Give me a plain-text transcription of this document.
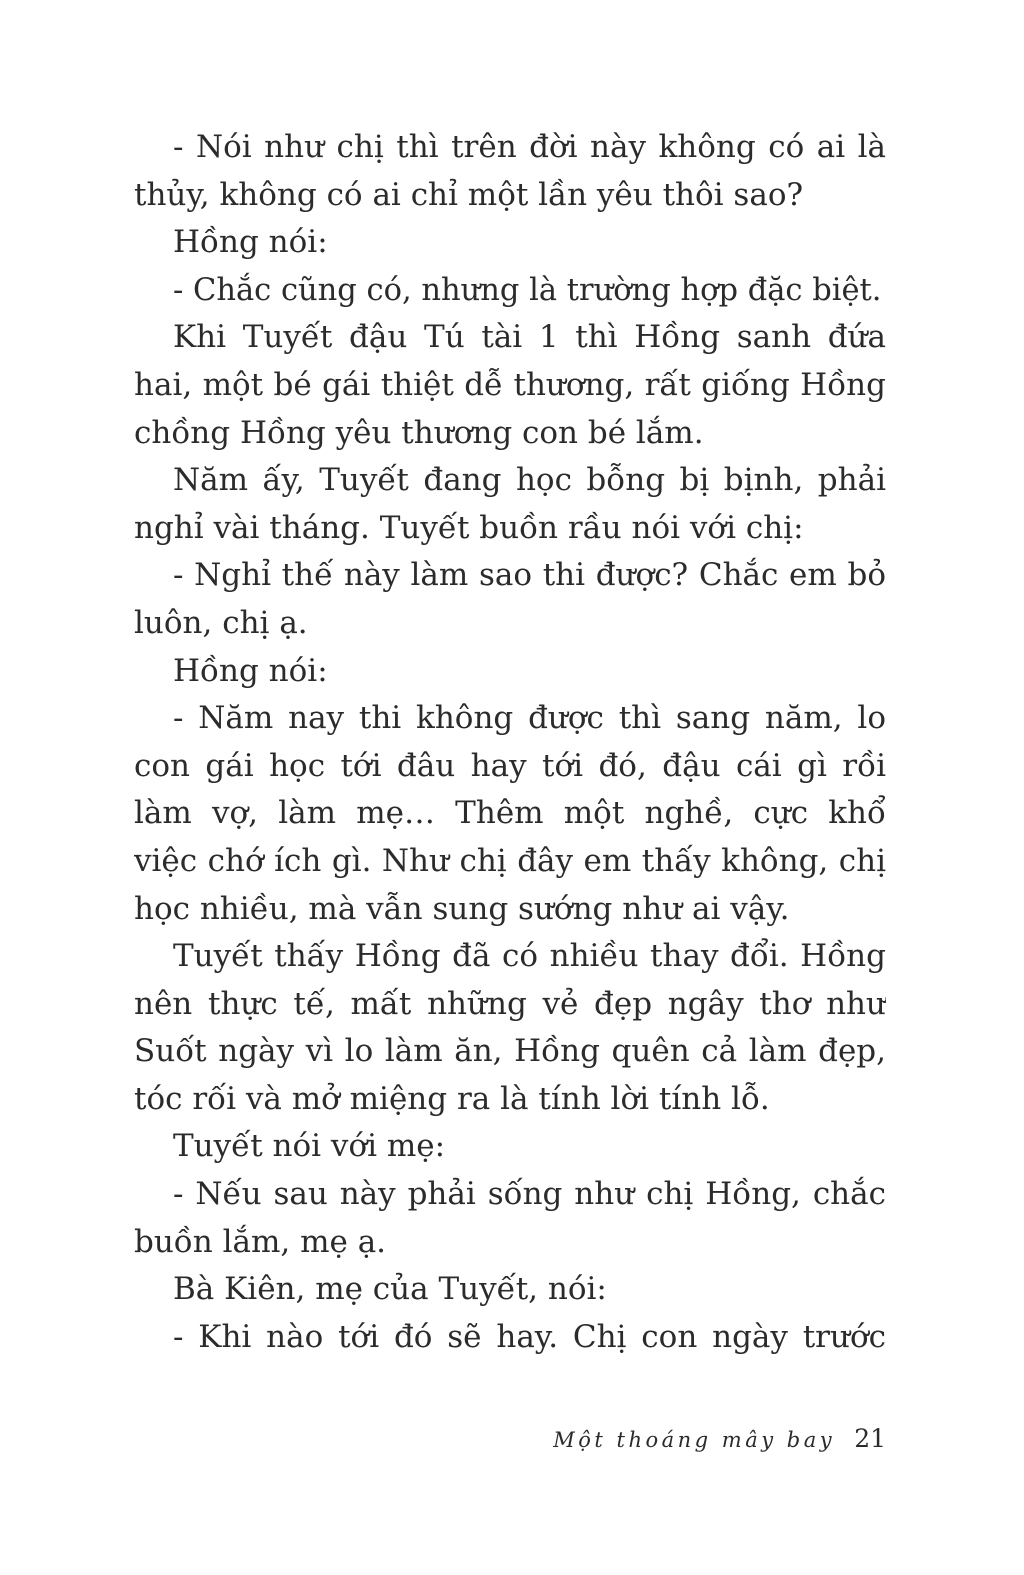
- Nói như chị thì trên đời này không có ai là
thủy, không có ai chỉ một lần yêu thôi sao?
Hồng nói:
- Chắc cũng có, nhưng là trường hợp đặc biệt.
Khi Tuyết đậu Tú tài 1 thì Hồng sanh đứa
hai, một bé gái thiệt dễ thương, rất giống Hồng
chồng Hồng yêu thương con bé lắm.
Năm ấy, Tuyết đang học bỗng bị bịnh, phải
nghỉ vài tháng. Tuyết buồn rầu nói với chị:
- Nghỉ thế này làm sao thi được? Chắc em bỏ
luôn, chị ạ.
Hồng nói:
- Năm nay thi không được thì sang năm, lo
con gái học tới đâu hay tới đó, đậu cái gì rồi
làm vợ, làm mẹ… Thêm một nghề, cực khổ
việc chớ ích gì. Như chị đây em thấy không, chị
học nhiều, mà vẫn sung sướng như ai vậy.
Tuyết thấy Hồng đã có nhiều thay đổi. Hồng
nên thực tế, mất những vẻ đẹp ngây thơ như
Suốt ngày vì lo làm ăn, Hồng quên cả làm đẹp,
tóc rối và mở miệng ra là tính lời tính lỗ.
Tuyết nói với mẹ:
- Nếu sau này phải sống như chị Hồng, chắc
buồn lắm, mẹ ạ.
Bà Kiên, mẹ của Tuyết, nói:
- Khi nào tới đó sẽ hay. Chị con ngày trước
Một thoáng mây bay 21
